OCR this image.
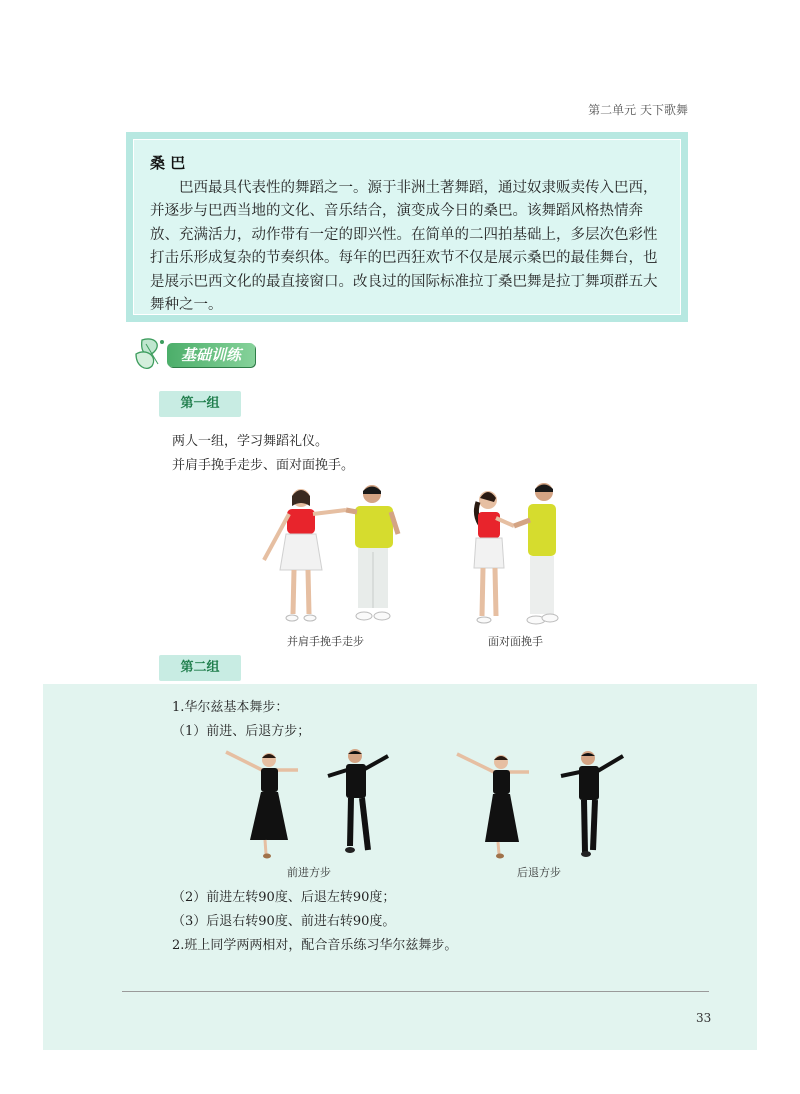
第二单元 天下歌舞
桑 巴
巴西最具代表性的舞蹈之一。源于非洲土著舞蹈，通过奴隶贩卖传入巴西，并逐步与巴西当地的文化、音乐结合，演变成今日的桑巴。该舞蹈风格热情奔放、充满活力，动作带有一定的即兴性。在简单的二四拍基础上，多层次色彩性打击乐形成复杂的节奏织体。每年的巴西狂欢节不仅是展示桑巴的最佳舞台，也是展示巴西文化的最直接窗口。改良过的国际标准拉丁桑巴舞是拉丁舞项群五大舞种之一。
基础训练
第一组
两人一组，学习舞蹈礼仪。
并肩手挽手走步、面对面挽手。
并肩手挽手走步	面对面挽手
第二组
1.华尔兹基本舞步：
（1）前进、后退方步；
前进方步	后退方步
（2）前进左转90度、后退左转90度；
（3）后退右转90度、前进右转90度。
2.班上同学两两相对，配合音乐练习华尔兹舞步。
33
